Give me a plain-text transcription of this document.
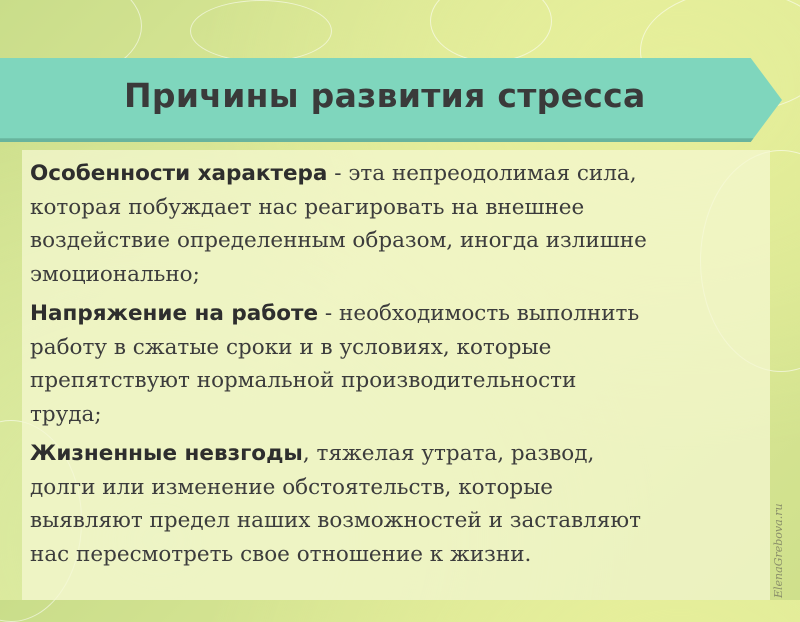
Причины развития стресса
Особенности характера - эта непреодолимая сила,
которая побуждает нас реагировать на внешнее
воздействие определенным образом, иногда излишне
эмоционально;
Напряжение на работе - необходимость выполнить
работу в сжатые сроки и в условиях, которые
препятствуют нормальной производительности
труда;
Жизненные невзгоды, тяжелая утрата, развод,
долги или изменение обстоятельств, которые
выявляют предел наших возможностей и заставляют
нас пересмотреть свое отношение к жизни.	ElenaGrebova.ru
